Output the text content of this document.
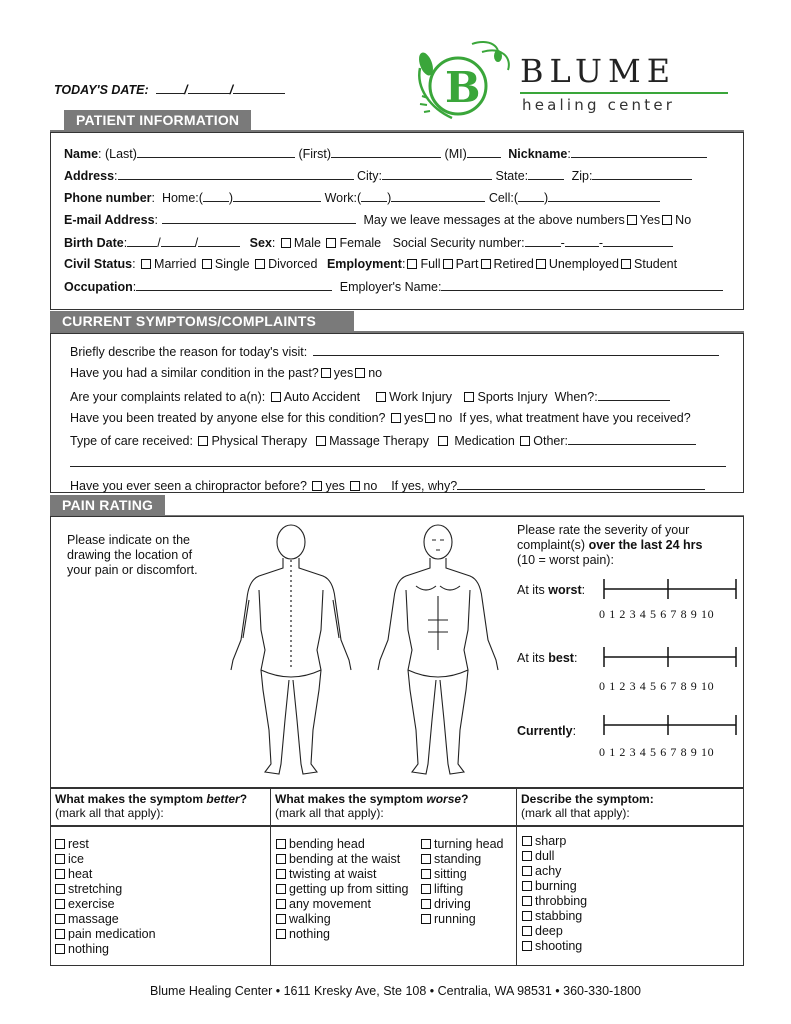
TODAY'S DATE:	/	/	B BLUME
healing center
PATIENT INFORMATION
Name: (Last)	(First)	(MI)	Nickname:
Address:	City:	State:	Zip:
Phone number:  Home:( )	Work:( )	Cell:( )
E-mail Address:	May we leave messages at the above numbers Yes No
Birth Date: /	/	Sex: Male Female Social Security number:	-	-
Civil Status: Married Single Divorced Employment: Full Part Retired Unemployed Student
Occupation:	Employer's Name:
CURRENT SYMPTOMS/COMPLAINTS
Briefly describe the reason for today's visit:
Have you had a similar condition in the past? yes no
Are your complaints related to a(n): Auto Accident Work Injury Sports Injury When?:
Have you been treated by anyone else for this condition? yes no If yes, what treatment have you received?
Type of care received: Physical Therapy Massage Therapy Medication Other:
Have you ever seen a chiropractor before? yes no If yes, why?
PAIN RATING
Please indicate on the drawing the location of your pain or discomfort.
Please rate the severity of your
complaint(s) over the last 24 hrs
(10 = worst pain):
At its worst:
0 1 2 3 4 5 6 7 8 9 10
At its best:
0 1 2 3 4 5 6 7 8 9 10
Currently:
0 1 2 3 4 5 6 7 8 9 10
What makes the symptom better?
(mark all that apply):
rest
ice
heat
stretching
exercise
massage
pain medication
nothing
What makes the symptom worse?
(mark all that apply):
bending head
bending at the waist
twisting at waist
getting up from sitting
any movement
walking
nothing
turning head
standing
sitting
lifting
driving
running
Describe the symptom:
(mark all that apply):
sharp
dull
achy
burning
throbbing
stabbing
deep
shooting
Blume Healing Center • 1611 Kresky Ave, Ste 108 • Centralia, WA 98531 • 360-330-1800
